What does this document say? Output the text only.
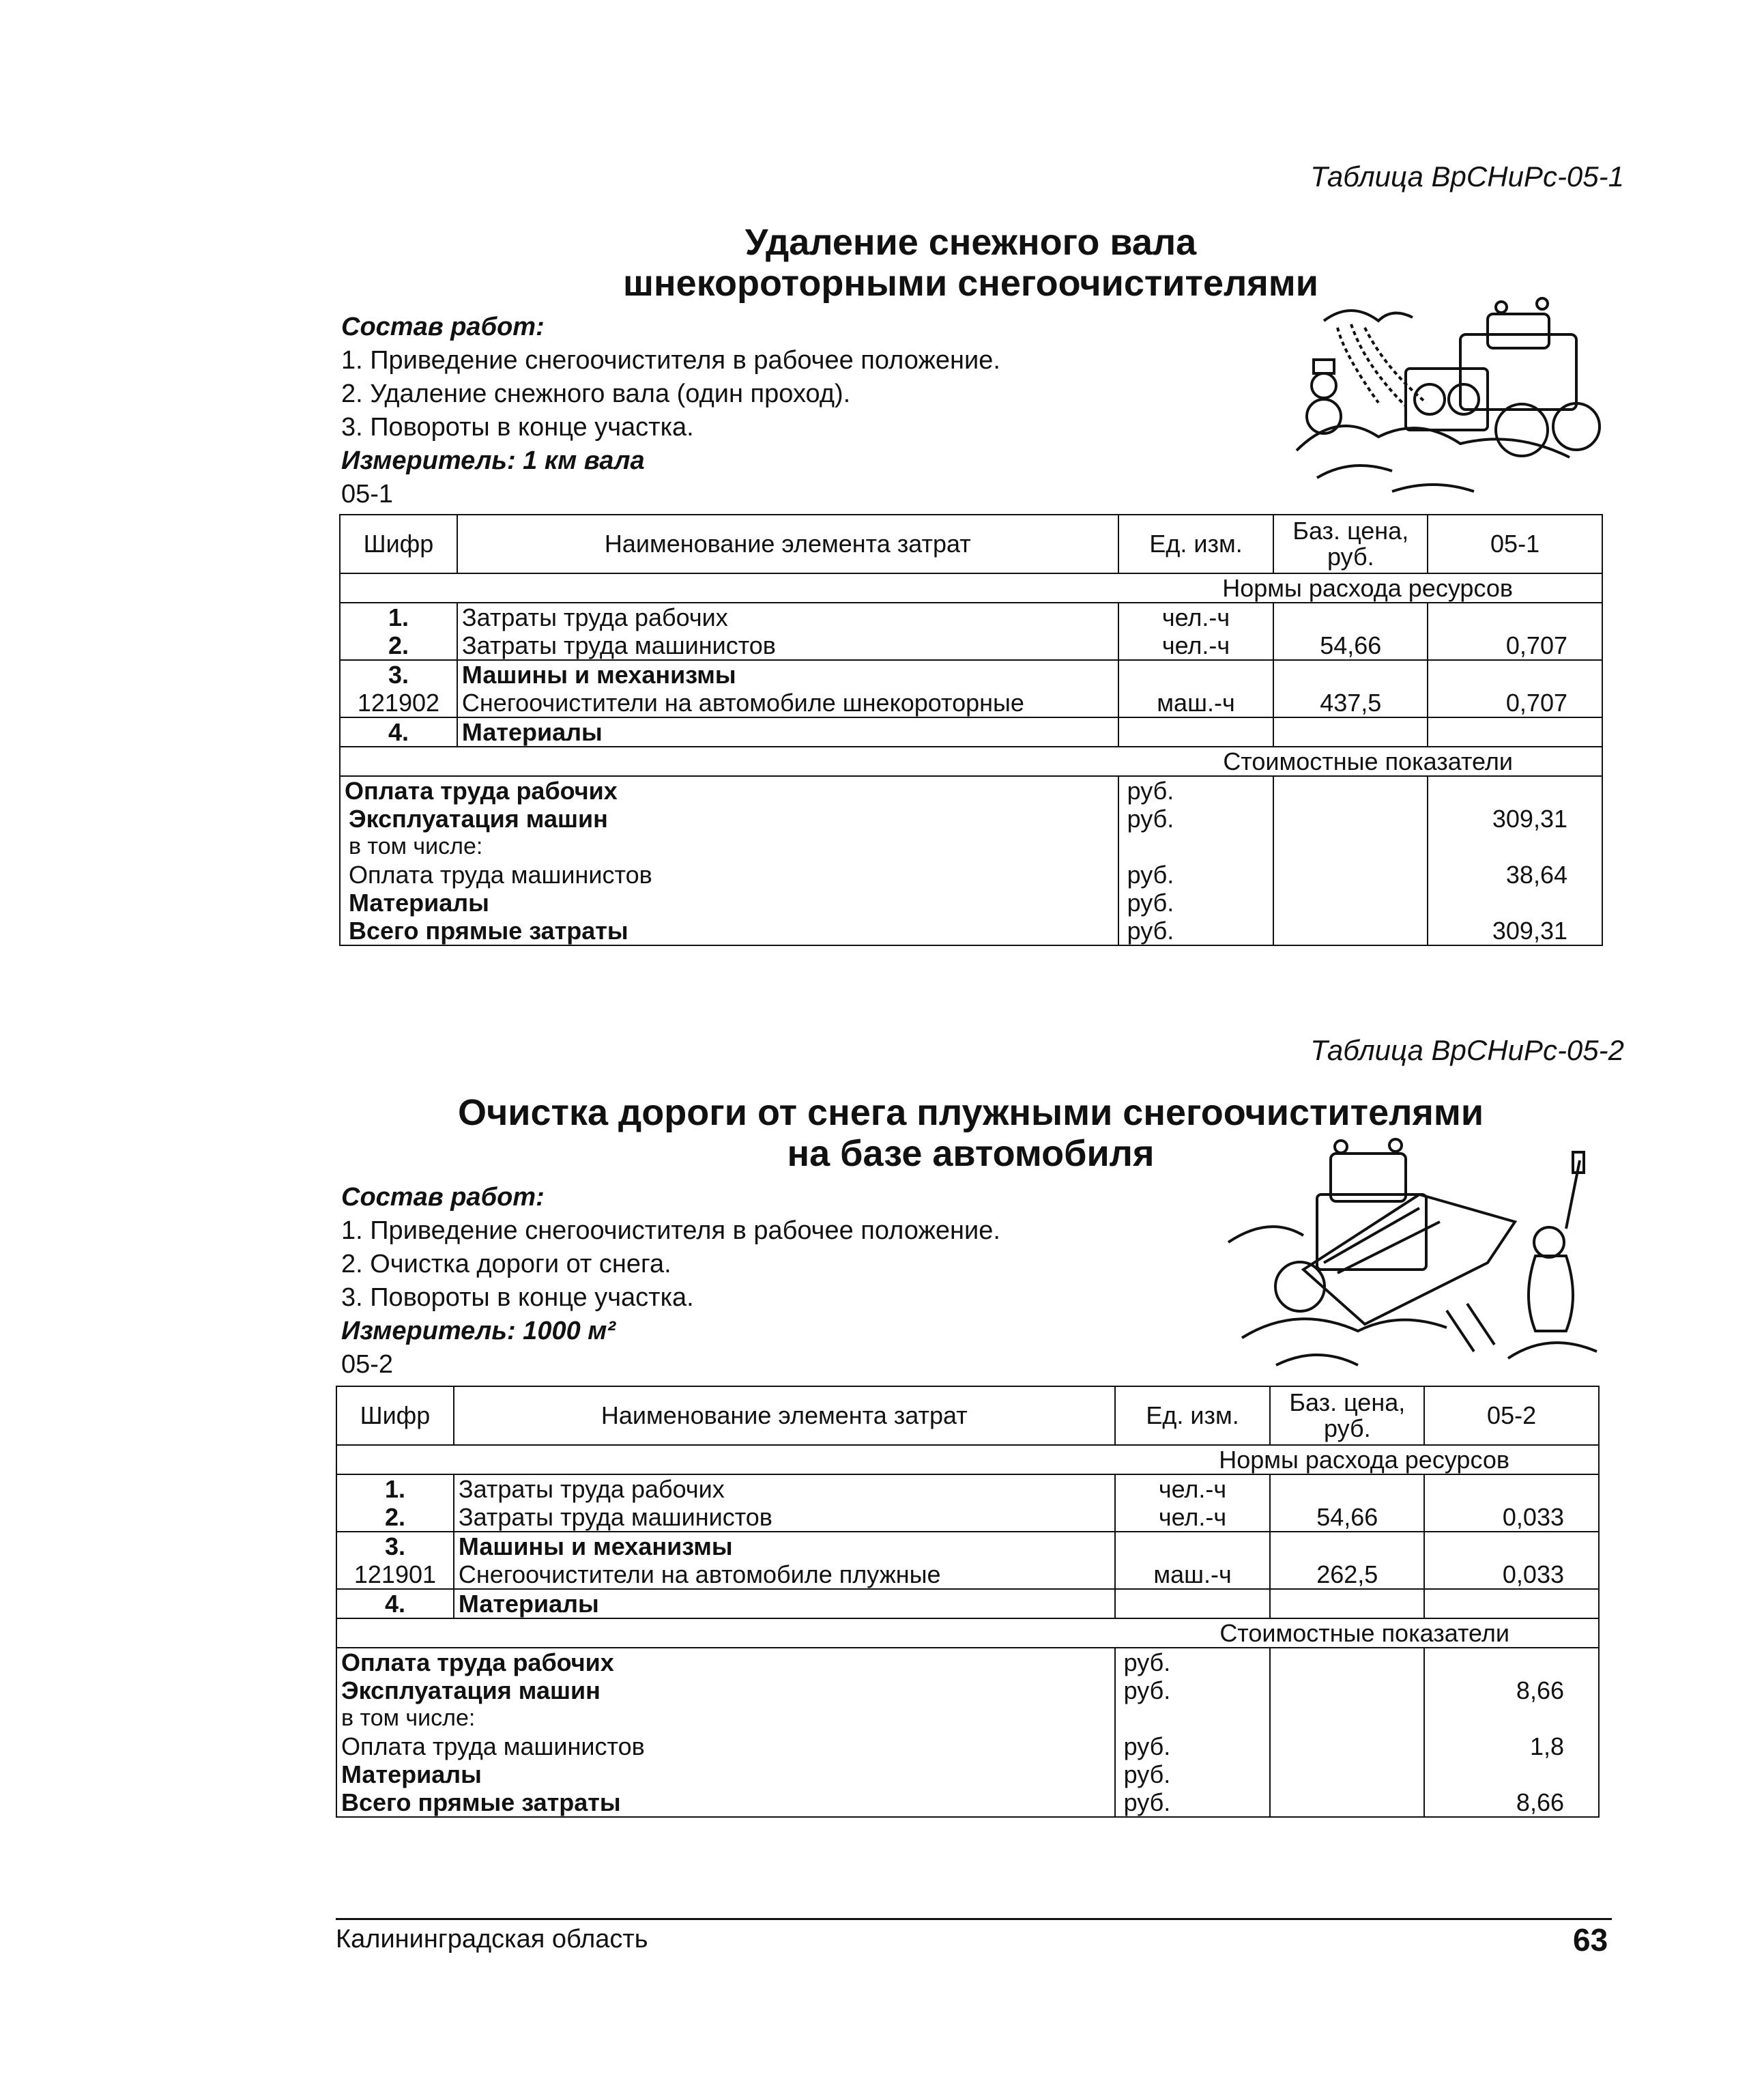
Таблица ВрСНиРс-05-1
Удаление снежного вала
шнекороторными снегоочистителями
Состав работ:
1. Приведение снегоочистителя в рабочее положение.
2. Удаление снежного вала (один проход).
3. Повороты в конце участка.
Измеритель: 1 км вала
05-1
Шифр	Наименование элемента затрат	Ед. изм.	Баз. цена, руб.	05-1
Нормы расхода ресурсов				
1.	Затраты труда рабочих	чел.-ч		
2.	Затраты труда машинистов	чел.-ч	54,66	0,707
3.	Машины и механизмы			
121902	Снегоочистители на автомобиле шнекороторные	маш.-ч	437,5	0,707
4.	Материалы			
Стоимостные показатели				
Оплата труда рабочих		руб.		
Эксплуатация машин		руб.		309,31
в том числе:				
Оплата труда машинистов		руб.		38,64
Материалы		руб.		
Всего прямые затраты		руб.		309,31
Таблица ВрСНиРс-05-2
Очистка дороги от снега плужными снегоочистителями
на базе автомобиля
Состав работ:
1. Приведение снегоочистителя в рабочее положение.
2. Очистка дороги от снега.
3. Повороты в конце участка.
Измеритель: 1000 м²
05-2
Шифр	Наименование элемента затрат	Ед. изм.	Баз. цена, руб.	05-2
Нормы расхода ресурсов				
1.	Затраты труда рабочих	чел.-ч		
2.	Затраты труда машинистов	чел.-ч	54,66	0,033
3.	Машины и механизмы			
121901	Снегоочистители на автомобиле плужные	маш.-ч	262,5	0,033
4.	Материалы			
Стоимостные показатели				
Оплата труда рабочих		руб.		
Эксплуатация машин		руб.		8,66
в том числе:				
Оплата труда машинистов		руб.		1,8
Материалы		руб.		
Всего прямые затраты		руб.		8,66
Калининградская область	63
